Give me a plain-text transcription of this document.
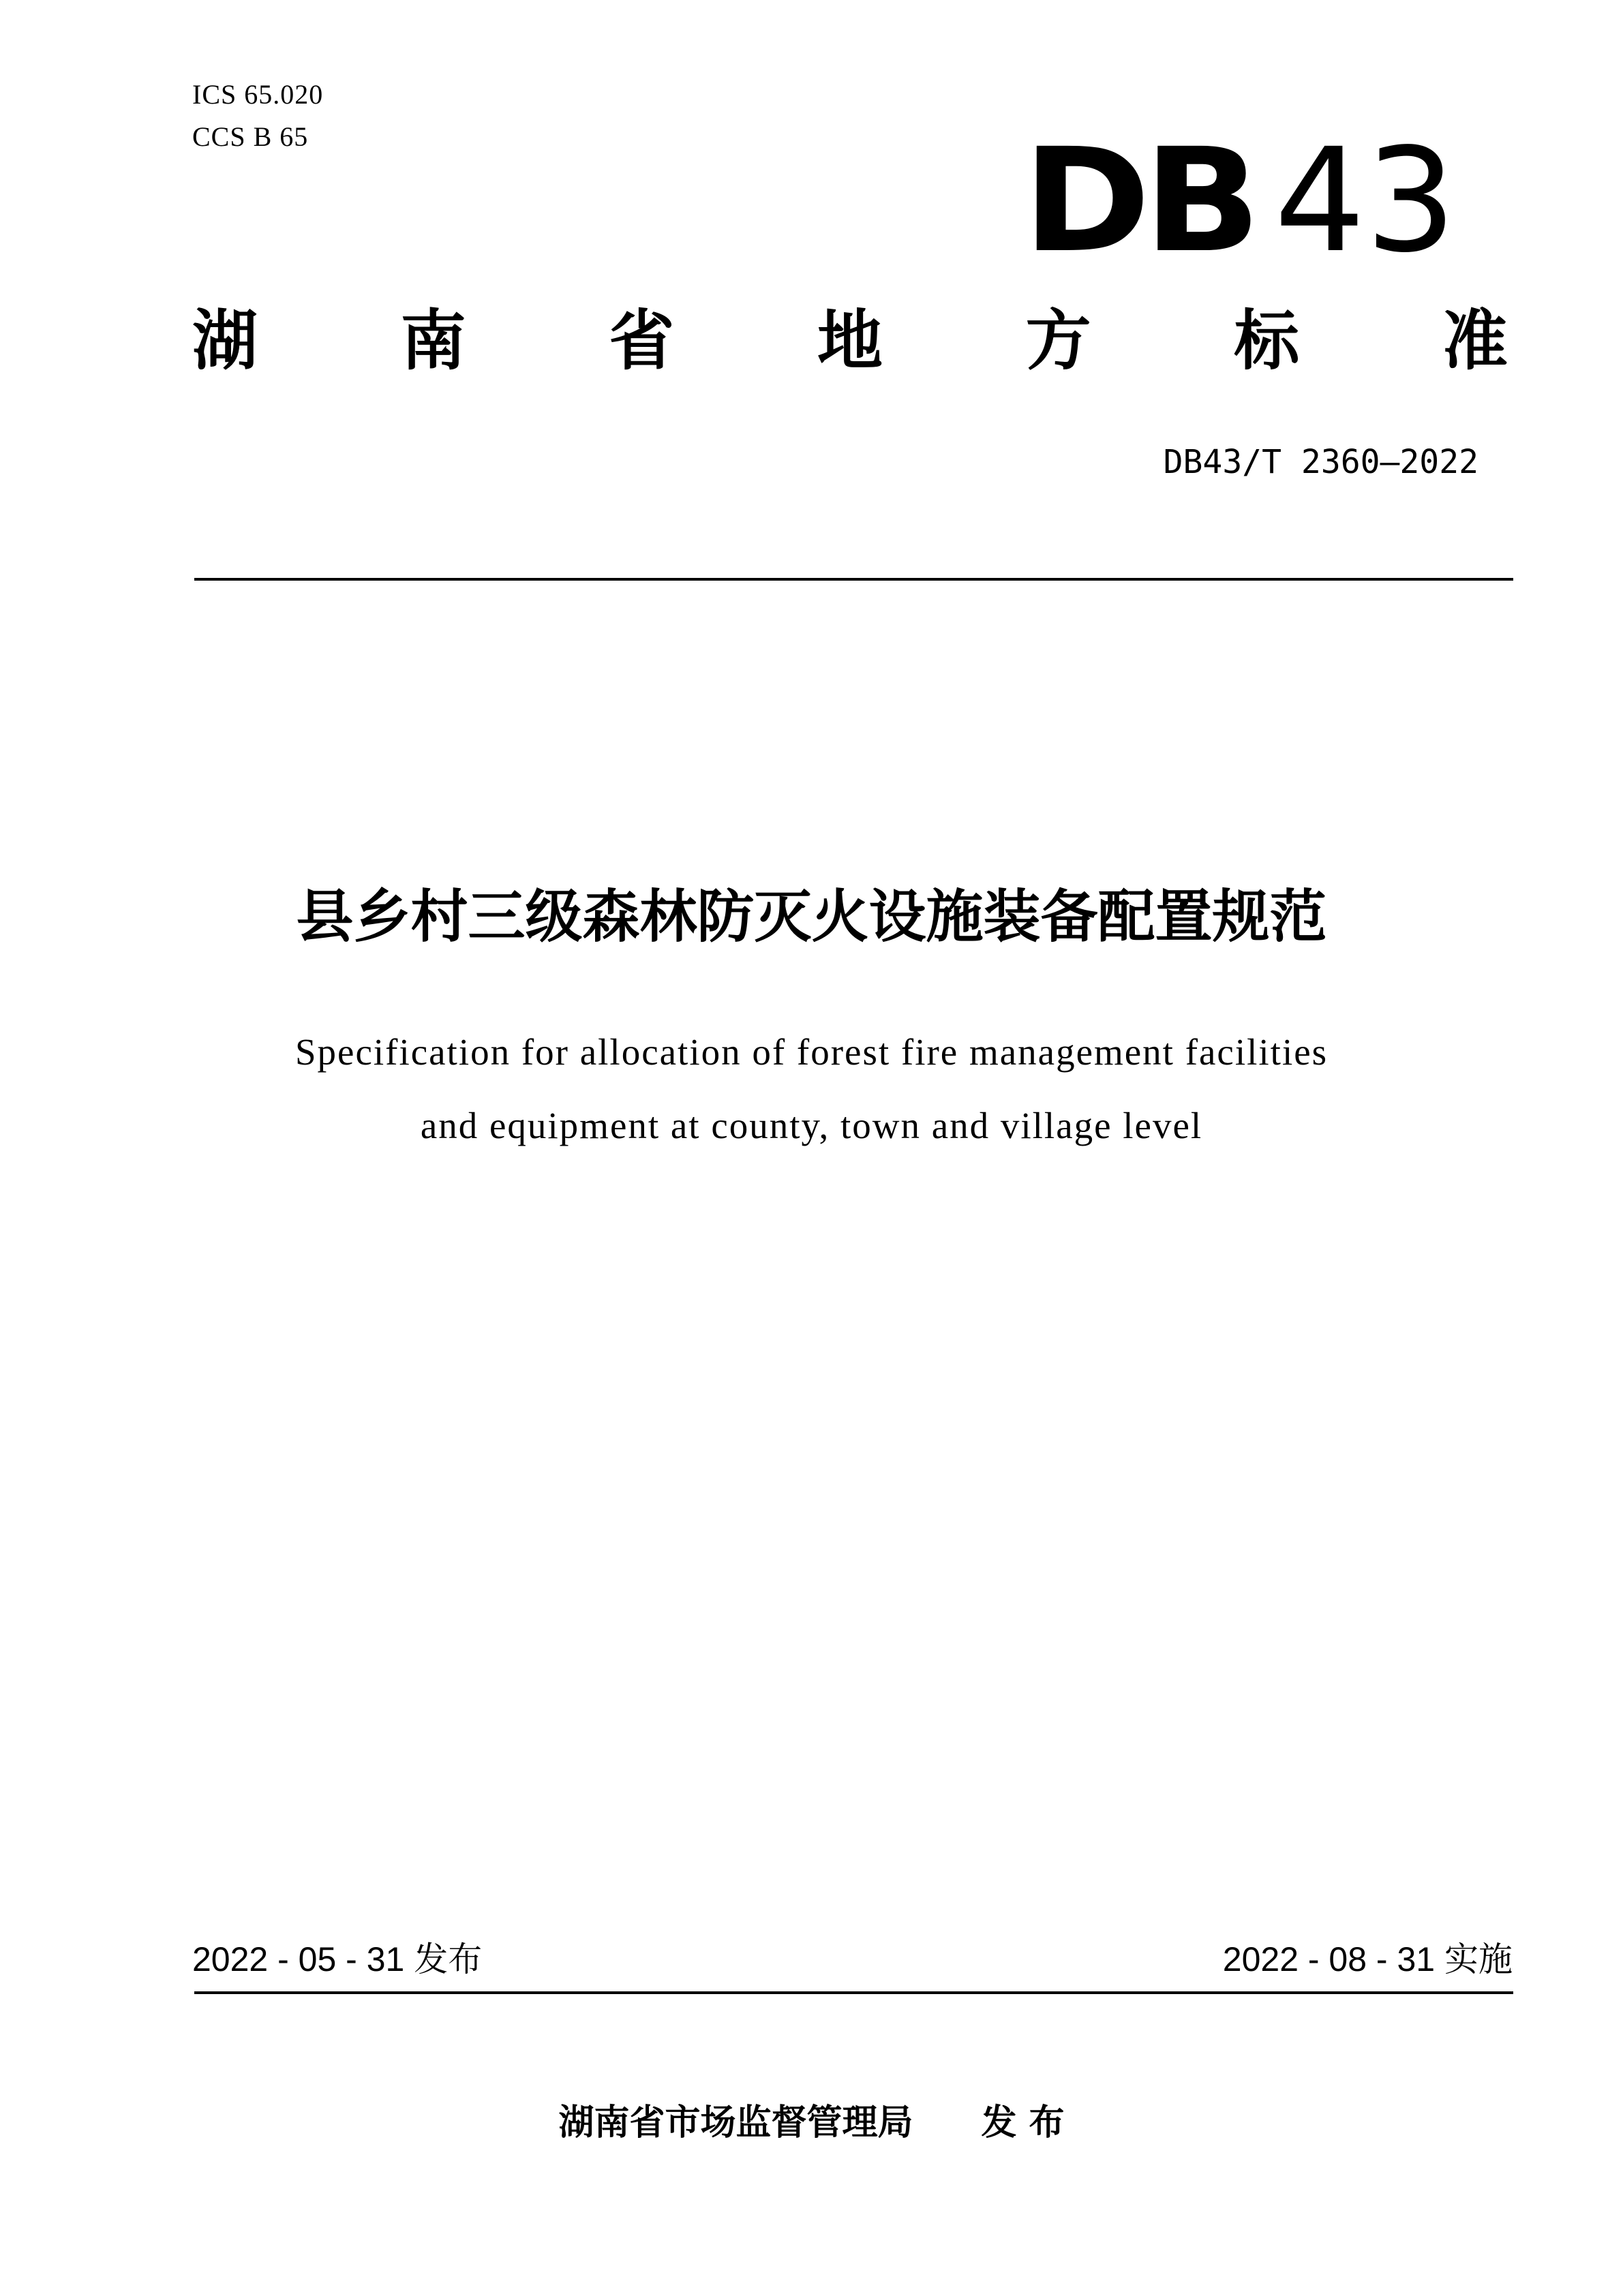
ICS 65.020
CCS B 65	DB 43
湖 南 省 地 方 标 准
DB43/T 2360—2022
县乡村三级森林防灭火设施装备配置规范
Specification for allocation of forest fire management facilities
and equipment at county, town and village level
2022 - 05 - 31 发布	2022 - 08 - 31 实施
湖南省市场监督管理局 发 布
